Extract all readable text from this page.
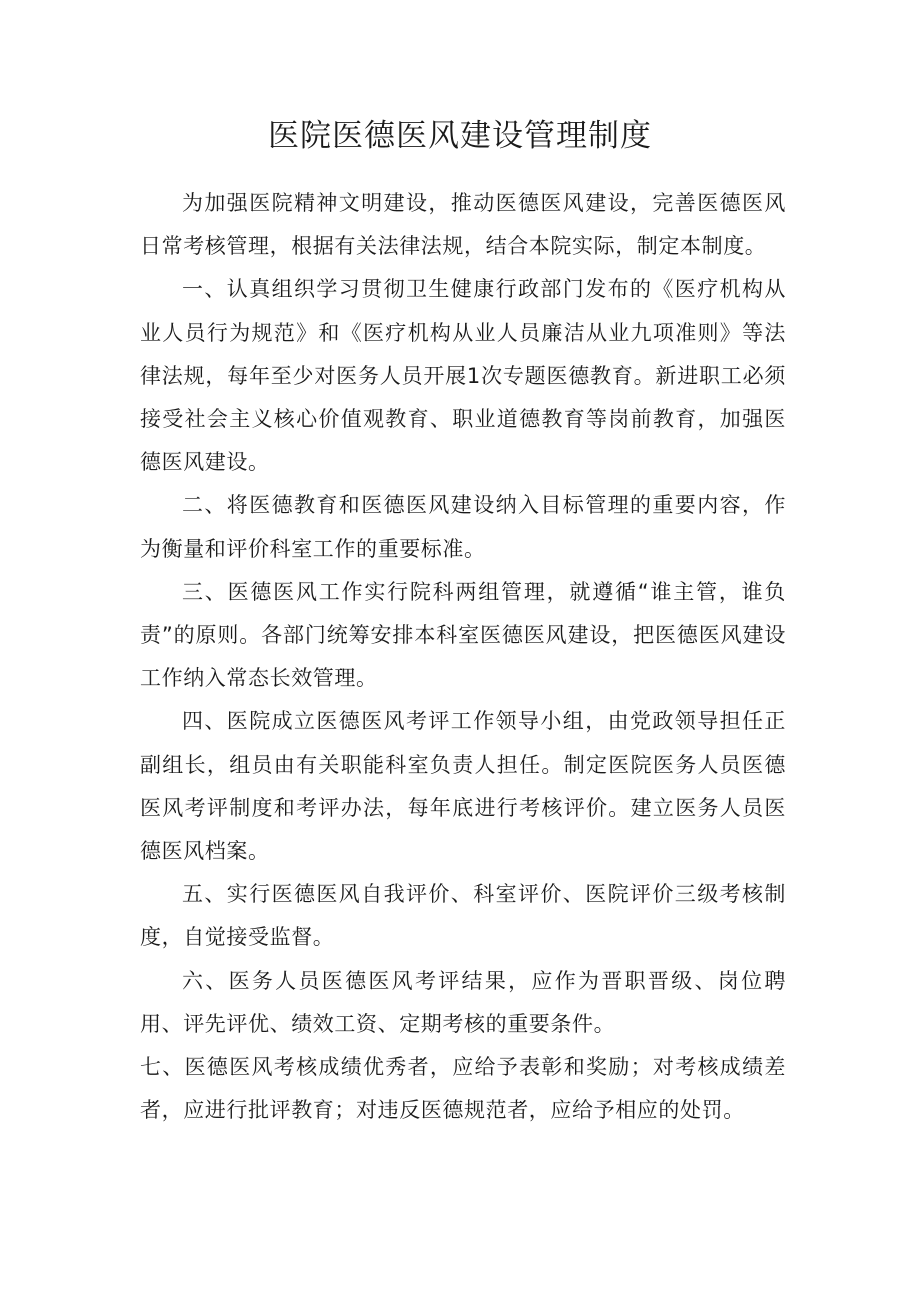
医院医德医风建设管理制度

为加强医院精神文明建设，推动医德医风建设，完善医德医风日常考核管理，根据有关法律法规，结合本院实际，制定本制度。

一、认真组织学习贯彻卫生健康行政部门发布的《医疗机构从业人员行为规范》和《医疗机构从业人员廉洁从业九项准则》等法律法规，每年至少对医务人员开展1次专题医德教育。新进职工必须接受社会主义核心价值观教育、职业道德教育等岗前教育，加强医德医风建设。

二、将医德教育和医德医风建设纳入目标管理的重要内容，作为衡量和评价科室工作的重要标准。

三、医德医风工作实行院科两组管理，就遵循“谁主管，谁负责”的原则。各部门统筹安排本科室医德医风建设，把医德医风建设工作纳入常态长效管理。

四、医院成立医德医风考评工作领导小组，由党政领导担任正副组长，组员由有关职能科室负责人担任。制定医院医务人员医德医风考评制度和考评办法，每年底进行考核评价。建立医务人员医德医风档案。

五、实行医德医风自我评价、科室评价、医院评价三级考核制度，自觉接受监督。

六、医务人员医德医风考评结果，应作为晋职晋级、岗位聘用、评先评优、绩效工资、定期考核的重要条件。

七、医德医风考核成绩优秀者，应给予表彰和奖励；对考核成绩差者，应进行批评教育；对违反医德规范者，应给予相应的处罚。
